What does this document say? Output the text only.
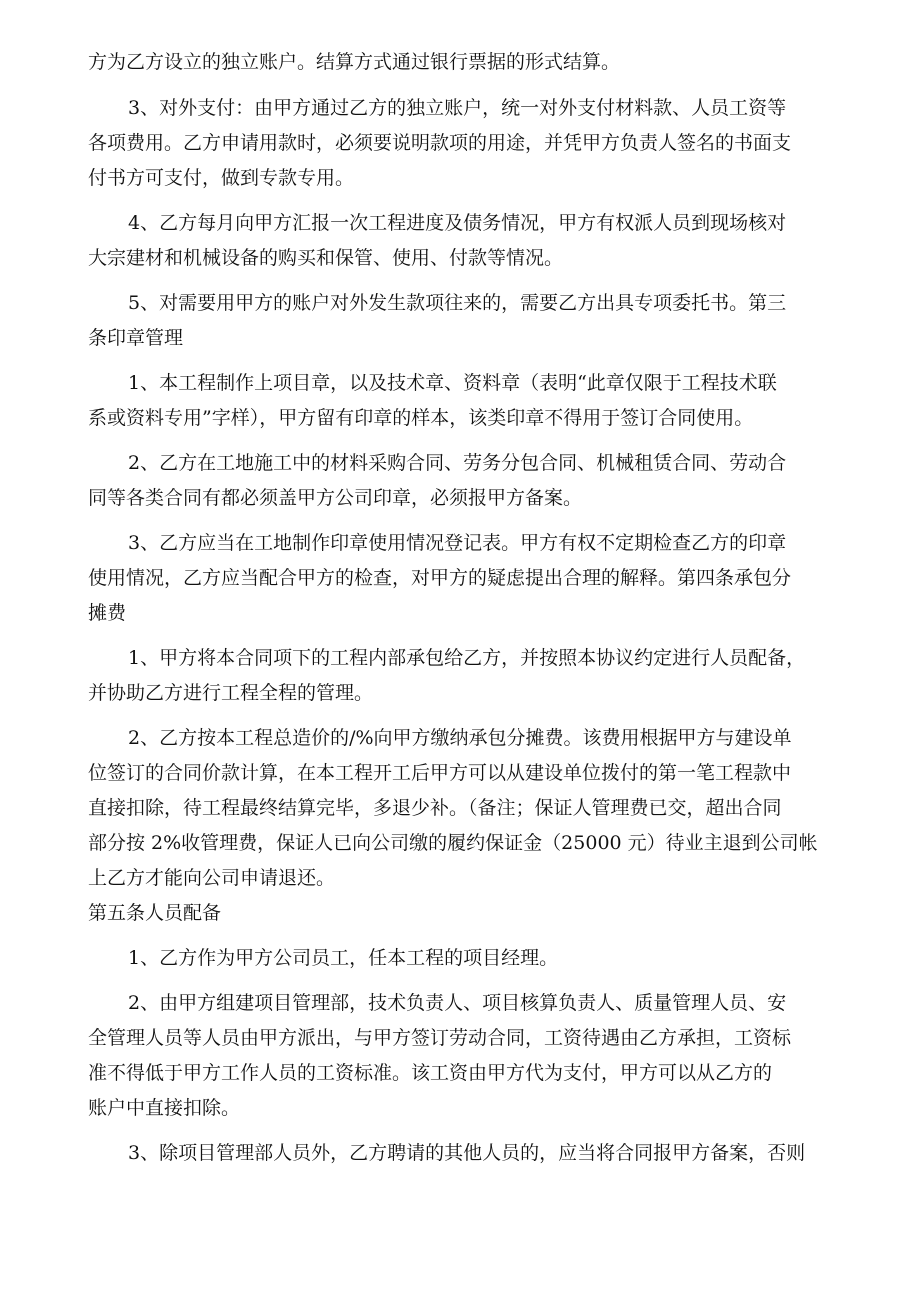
方为乙方设立的独立账户。结算方式通过银行票据的形式结算。

3、对外支付：由甲方通过乙方的独立账户，统一对外支付材料款、人员工资等

各项费用。乙方申请用款时，必须要说明款项的用途，并凭甲方负责人签名的书面支

付书方可支付，做到专款专用。

4、乙方每月向甲方汇报一次工程进度及债务情况，甲方有权派人员到现场核对

大宗建材和机械设备的购买和保管、使用、付款等情况。

5、对需要用甲方的账户对外发生款项往来的，需要乙方出具专项委托书。第三

条印章管理

1、本工程制作上项目章，以及技术章、资料章（表明“此章仅限于工程技术联

系或资料专用”字样），甲方留有印章的样本，该类印章不得用于签订合同使用。

2、乙方在工地施工中的材料采购合同、劳务分包合同、机械租赁合同、劳动合

同等各类合同有都必须盖甲方公司印章，必须报甲方备案。

3、乙方应当在工地制作印章使用情况登记表。甲方有权不定期检查乙方的印章

使用情况，乙方应当配合甲方的检查，对甲方的疑虑提出合理的解释。第四条承包分

摊费

1、甲方将本合同项下的工程内部承包给乙方，并按照本协议约定进行人员配备，

并协助乙方进行工程全程的管理。

2、乙方按本工程总造价的/%向甲方缴纳承包分摊费。该费用根据甲方与建设单

位签订的合同价款计算，在本工程开工后甲方可以从建设单位拨付的第一笔工程款中

直接扣除，待工程最终结算完毕，多退少补。（备注；保证人管理费已交，超出合同

部分按 2%收管理费，保证人已向公司缴的履约保证金（25000 元）待业主退到公司帐

上乙方才能向公司申请退还。

第五条人员配备

1、乙方作为甲方公司员工，任本工程的项目经理。

2、由甲方组建项目管理部，技术负责人、项目核算负责人、质量管理人员、安

全管理人员等人员由甲方派出，与甲方签订劳动合同，工资待遇由乙方承担，工资标

准不得低于甲方工作人员的工资标准。该工资由甲方代为支付，甲方可以从乙方的

账户中直接扣除。

3、除项目管理部人员外，乙方聘请的其他人员的，应当将合同报甲方备案，否则
